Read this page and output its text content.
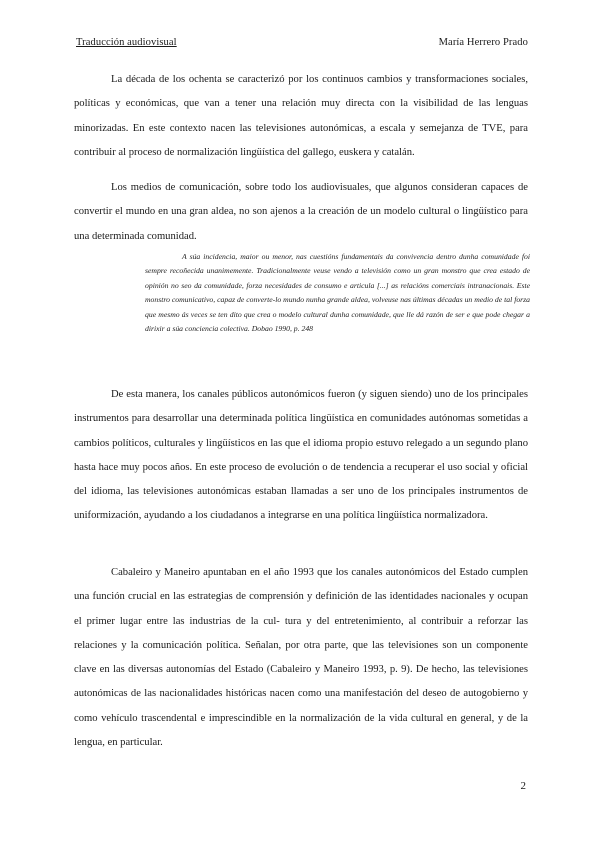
Traducción audiovisual	María Herrero Prado

La década de los ochenta se caracterizó por los continuos cambios y transformaciones sociales, políticas y económicas, que van a tener una relación muy directa con la visibilidad de las lenguas minorizadas. En este contexto nacen las televisiones autonómicas, a escala y semejanza de TVE, para contribuir al proceso de normalización lingüística del gallego, euskera y catalán.

Los medios de comunicación, sobre todo los audiovisuales, que algunos consideran capaces de convertir el mundo en una gran aldea, no son ajenos a la creación de un modelo cultural o lingüístico para una determinada comunidad.

A súa incidencia, maior ou menor, nas cuestións fundamentais da convivencia dentro dunha comunidade foi sempre recoñecida unanimemente. Tradicionalmente veuse vendo a televisión como un gran monstro que crea estado de opinión no seo da comunidade, forza necesidades de consumo e articula [...] as relacións comerciais intranacionais. Este monstro comunicativo, capaz de converte-lo mundo nunha grande aldea, volveuse nas últimas décadas un medio de tal forza que mesmo ás veces se ten dito que crea o modelo cultural dunha comunidade, que lle dá razón de ser e que pode chegar a dirixir a súa conciencia colectiva. Dobao 1990, p. 248

De esta manera, los canales públicos autonómicos fueron (y siguen siendo) uno de los principales instrumentos para desarrollar una determinada política lingüística en comunidades autónomas sometidas a cambios políticos, culturales y lingüísticos en las que el idioma propio estuvo relegado a un segundo plano hasta hace muy pocos años. En este proceso de evolución o de tendencia a recuperar el uso social y oficial del idioma, las televisiones autonómicas estaban llamadas a ser uno de los principales instrumentos de uniformización, ayudando a los ciudadanos a integrarse en una política lingüística normalizadora.

Cabaleiro y Maneiro apuntaban en el año 1993 que los canales autonómicos del Estado cumplen una función crucial en las estrategias de comprensión y definición de las identidades nacionales y ocupan el primer lugar entre las industrias de la cul- tura y del entretenimiento, al contribuir a reforzar las relaciones y la comunicación política. Señalan, por otra parte, que las televisiones son un componente clave en las diversas autonomías del Estado (Cabaleiro y Maneiro 1993, p. 9). De hecho, las televisiones autonómicas de las nacionalidades históricas nacen como una manifestación del deseo de autogobierno y como vehículo trascendental e imprescindible en la normalización de la vida cultural en general, y de la lengua, en particular.

2
